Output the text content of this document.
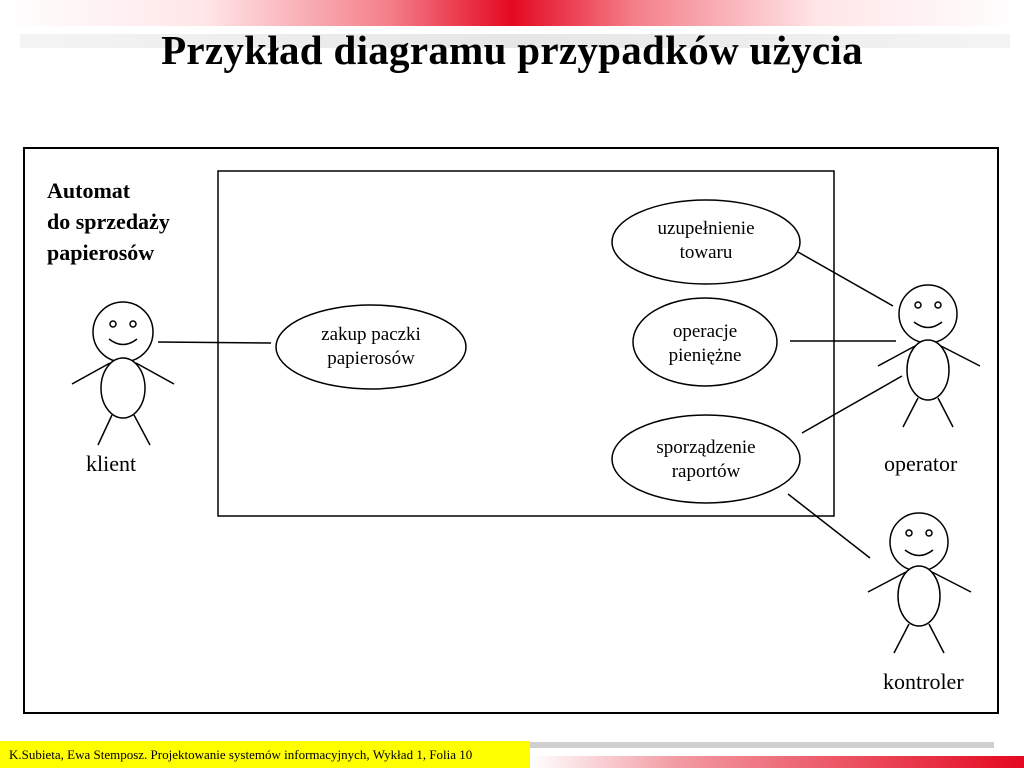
Przykład diagramu przypadków użycia
Automat
do sprzedaży
papierosów
zakup paczki
papierosów
uzupełnienie
towaru
operacje
pieniężne
sporządzenie
raportów
klient	operator
kontroler
K.Subieta, Ewa Stemposz. Projektowanie systemów informacyjnych, Wykład 1, Folia 10
